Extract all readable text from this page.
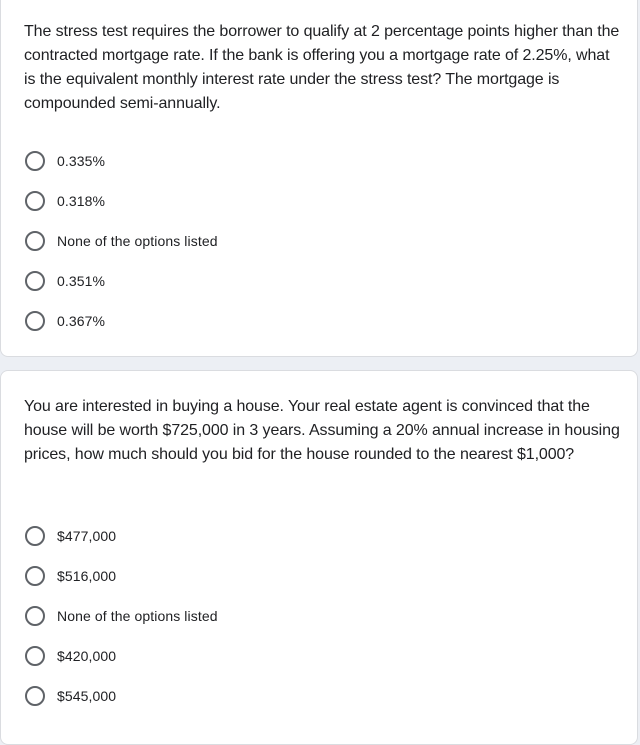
The stress test requires the borrower to qualify at 2 percentage points higher than the contracted mortgage rate. If the bank is offering you a mortgage rate of 2.25%, what is the equivalent monthly interest rate under the stress test? The mortgage is compounded semi-annually.

0.335%
0.318%
None of the options listed
0.351%
0.367%

You are interested in buying a house. Your real estate agent is convinced that the house will be worth $725,000 in 3 years. Assuming a 20% annual increase in housing prices, how much should you bid for the house rounded to the nearest $1,000?

$477,000
$516,000
None of the options listed
$420,000
$545,000
